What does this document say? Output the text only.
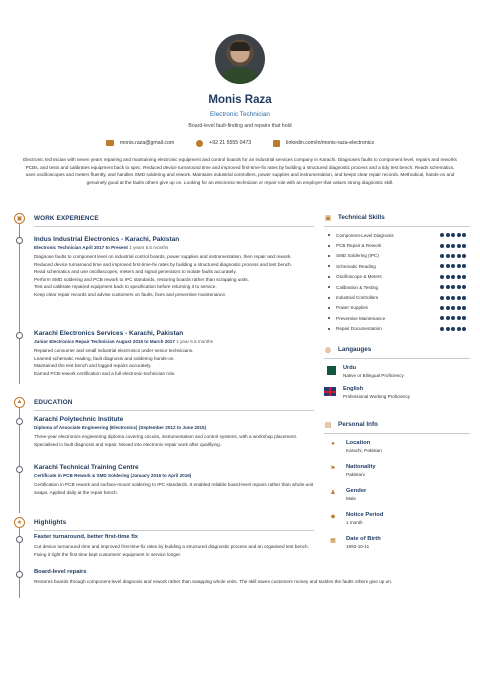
Monis Raza
Electronic Technician
Board-level fault-finding and repairs that hold
monis.raza@gmail.com	+92 21 5555 0473	linkedin.com/in/monis-raza-electronics
Electronic technician with seven years repairing and maintaining electronic equipment and control boards for an industrial services company in Karachi. Diagnoses faults to component level, repairs and reworks PCBs, and tests and calibrates equipment back to spec. Reduced device turnaround time and improved first-time-fix rates by building a structured diagnostic process and a tidy test bench. Reads schematics, uses oscilloscopes and meters fluently, and handles SMD soldering and rework. Maintains industrial controllers, power supplies and instrumentation, and keeps clear repair records. Methodical, hands-on and genuinely good at the faults others give up on. Looking for an electronic-technician or repair role with an employer that values strong diagnostic skill.
▣	WORK EXPERIENCE
Indus Industrial Electronics - Karachi, Pakistan
Electronic Technician April 2017 to Present 1 years 5.5 months
Diagnose faults to component level on industrial control boards, power supplies and instrumentation, then repair and rework.
Reduced device turnaround time and improved first-time-fix rates by building a structured diagnostic process and test bench.
Read schematics and use oscilloscopes, meters and signal generators to isolate faults accurately.
Perform SMD soldering and PCB rework to IPC standards, restoring boards rather than scrapping units.
Test and calibrate repaired equipment back to specification before returning it to service.
Keep clear repair records and advise customers on faults, fixes and preventive maintenance.
Karachi Electronics Services - Karachi, Pakistan
Junior Electronics Repair Technician August 2015 to March 2017 1 year 6.5 months
Repaired consumer and small industrial electronics under senior technicians.
Learned schematic reading, fault diagnosis and soldering hands-on.
Maintained the test bench and logged repairs accurately.
Earned PCB-rework certification and a full electronic-technician role.
▲	EDUCATION
Karachi Polytechnic Institute
Diploma of Associate Engineering (Electronics) (September 2012 to June 2015)
Three-year electronics engineering diploma covering circuits, instrumentation and control systems, with a workshop placement. Specialised in fault diagnosis and repair. Moved into electronic-repair work after qualifying.
Karachi Technical Training Centre
Certificate in PCB Rework & SMD Soldering (January 2016 to April 2016)
Certification in PCB rework and surface-mount soldering to IPC standards. It enabled reliable board-level repairs rather than whole-unit swaps. Applied daily at the repair bench.
★	Highlights
Faster turnaround, better first-time fix
Cut device turnaround time and improved first-time-fix rates by building a structured diagnostic process and an organised test bench. Fixing it right the first time kept customers' equipment in service longer.
Board-level repairs
Restores boards through component-level diagnosis and rework rather than swapping whole units. The skill saves customers money and tackles the faults others give up on.
▣ Technical Skills
Component-Level Diagnosis
PCB Repair & Rework
SMD Soldering (IPC)
Schematic Reading
Oscilloscope & Meters
Calibration & Testing
Industrial Controllers
Power Supplies
Preventive Maintenance
Repair Documentation
◍ Langauges
Urdu
Native or Bilingual Proficiency
English
Professional Working Proficiency
▤ Personal Info
●	Location
Karachi, Pakistan
⚑	Nationality
Pakistani
♟	Gender
Male
◆	Notice Period
1 month
▦	Date of Birth
1993-10-11
